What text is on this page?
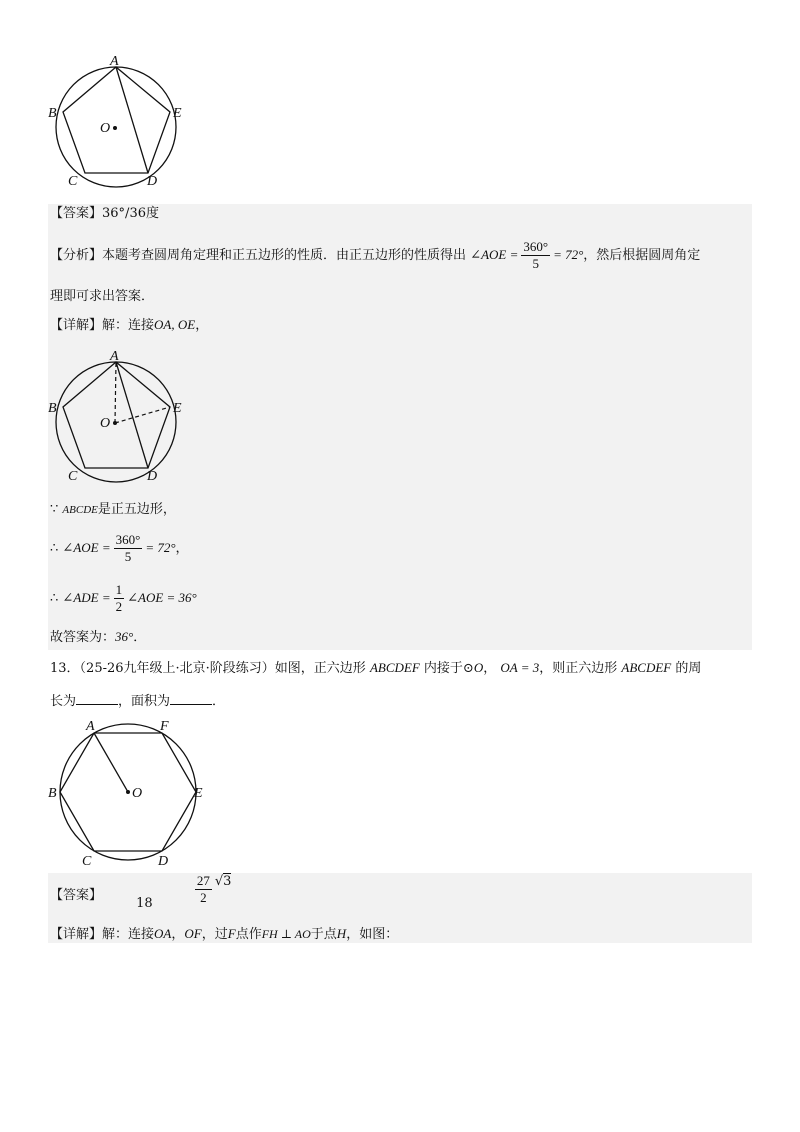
A
B	E
O
C	D
【答案】36°/36度
【分析】本题考查圆周角定理和正五边形的性质．由正五边形的性质得出 ∠AOE = $\frac{360^\circ}{5} = 72^\circ$，然后根据圆周角定
理即可求出答案．
【详解】解：连接OA, OE，
A
B	E
O
C	D
∵ ABCDE是正五边形，
∴ ∠AOE = $\frac{360^\circ}{5} = 72^\circ$，
∴ ∠ADE = $\frac{1}{2}$ ∠AOE = 36°
故答案为：36°．
13．（25-26九年级上·北京·阶段练习）如图，正六边形 ABCDEF 内接于⊙O， OA = 3，则正六边形 ABCDEF 的周
长为	，面积为	．
A	F
B	O	E
C	D
【答案】 18	$\frac{27}{2} √3$
【详解】解：连接OA，OF，过F点作FH ⊥ AO于点H，如图：
